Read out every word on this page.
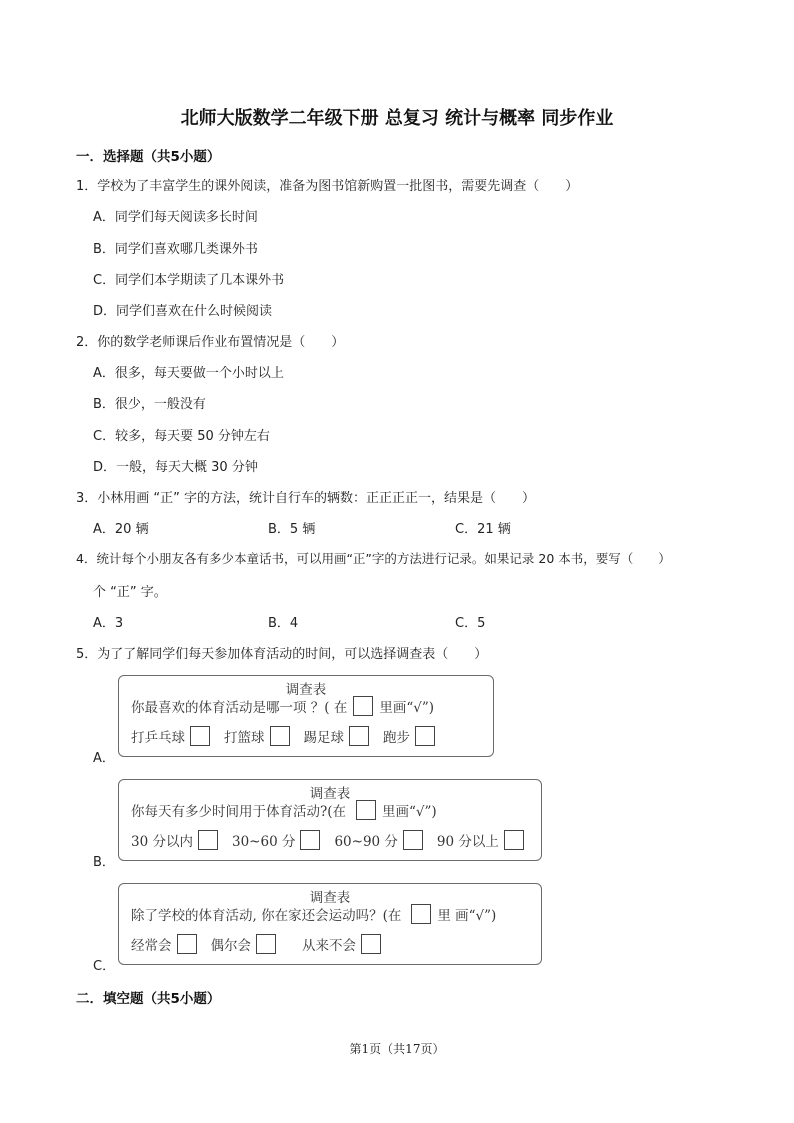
北师大版数学二年级下册 总复习 统计与概率 同步作业
一．选择题（共5小题）
1．学校为了丰富学生的课外阅读，准备为图书馆新购置一批图书，需要先调查（　　）
A．同学们每天阅读多长时间
B．同学们喜欢哪几类课外书
C．同学们本学期读了几本课外书
D．同学们喜欢在什么时候阅读
2．你的数学老师课后作业布置情况是（　　）
A．很多，每天要做一个小时以上
B．很少，一般没有
C．较多，每天要 50 分钟左右
D．一般，每天大概 30 分钟
3．小林用画 “正” 字的方法，统计自行车的辆数：正正正正一，结果是（　　）
A．20 辆	B．5 辆	C．21 辆
4．统计每个小朋友各有多少本童话书，可以用画“正”字的方法进行记录。如果记录 20 本书，要写（　　）
个 “正” 字。
A．3	B．4	C．5
5．为了了解同学们每天参加体育活动的时间，可以选择调查表（　　）
调查表
你最喜欢的体育活动是哪一项 ？( 在 里画“√”)
打乒乓球	打篮球	踢足球	跑步
A．
调查表
你每天有多少时间用于体育活动?(在	里画“√”)
30 分以内	30~60 分	60~90 分	90 分以上
B．
调查表
除了学校的体育活动, 你在家还会运动吗？(在	里 画“√”)
经常会	偶尔会	从来不会
C．
二．填空题（共5小题）
第1页（共17页）
